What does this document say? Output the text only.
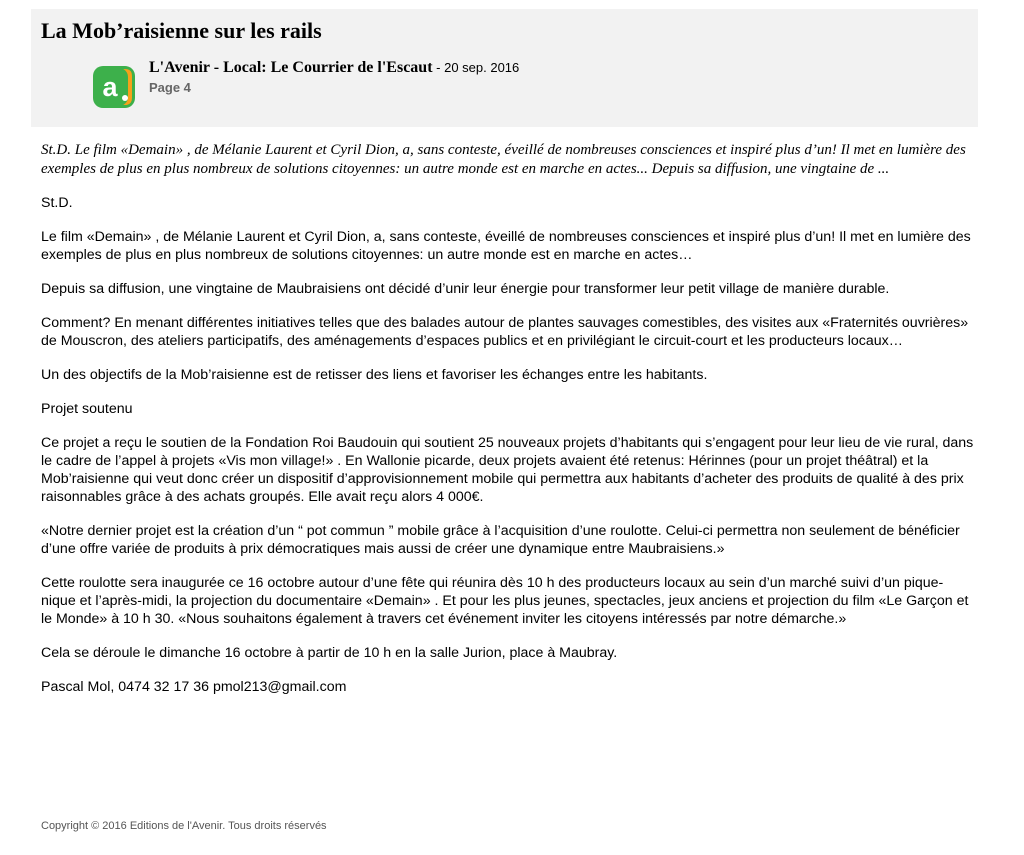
La Mob’raisienne sur les rails
a
L'Avenir - Local: Le Courrier de l'Escaut - 20 sep. 2016
Page 4

St.D. Le film «Demain» , de Mélanie Laurent et Cyril Dion, a, sans conteste, éveillé de nombreuses consciences et inspiré plus d’un! Il met en lumière des exemples de plus en plus nombreux de solutions citoyennes: un autre monde est en marche en actes... Depuis sa diffusion, une vingtaine de ...

St.D.

Le film «Demain» , de Mélanie Laurent et Cyril Dion, a, sans conteste, éveillé de nombreuses consciences et inspiré plus d’un! Il met en lumière des exemples de plus en plus nombreux de solutions citoyennes: un autre monde est en marche en actes…

Depuis sa diffusion, une vingtaine de Maubraisiens ont décidé d’unir leur énergie pour transformer leur petit village de manière durable.

Comment? En menant différentes initiatives telles que des balades autour de plantes sauvages comestibles, des visites aux «Fraternités ouvrières» de Mouscron, des ateliers participatifs, des aménagements d’espaces publics et en privilégiant le circuit-court et les producteurs locaux…

Un des objectifs de la Mob’raisienne est de retisser des liens et favoriser les échanges entre les habitants.

Projet soutenu

Ce projet a reçu le soutien de la Fondation Roi Baudouin qui soutient 25 nouveaux projets d’habitants qui s’engagent pour leur lieu de vie rural, dans le cadre de l’appel à projets «Vis mon village!» . En Wallonie picarde, deux projets avaient été retenus: Hérinnes (pour un projet théâtral) et la Mob’raisienne qui veut donc créer un dispositif d’approvisionnement mobile qui permettra aux habitants d’acheter des produits de qualité à des prix raisonnables grâce à des achats groupés. Elle avait reçu alors 4 000€.

«Notre dernier projet est la création d’un “ pot commun ” mobile grâce à l’acquisition d’une roulotte. Celui-ci permettra non seulement de bénéficier d’une offre variée de produits à prix démocratiques mais aussi de créer une dynamique entre Maubraisiens.»

Cette roulotte sera inaugurée ce 16 octobre autour d’une fête qui réunira dès 10 h des producteurs locaux au sein d’un marché suivi d’un pique-nique et l’après-midi, la projection du documentaire «Demain» . Et pour les plus jeunes, spectacles, jeux anciens et projection du film «Le Garçon et le Monde» à 10 h 30. «Nous souhaitons également à travers cet événement inviter les citoyens intéressés par notre démarche.»

Cela se déroule le dimanche 16 octobre à partir de 10 h en la salle Jurion, place à Maubray.

Pascal Mol, 0474 32 17 36 pmol213@gmail.com

Copyright © 2016 Editions de l'Avenir. Tous droits réservés
